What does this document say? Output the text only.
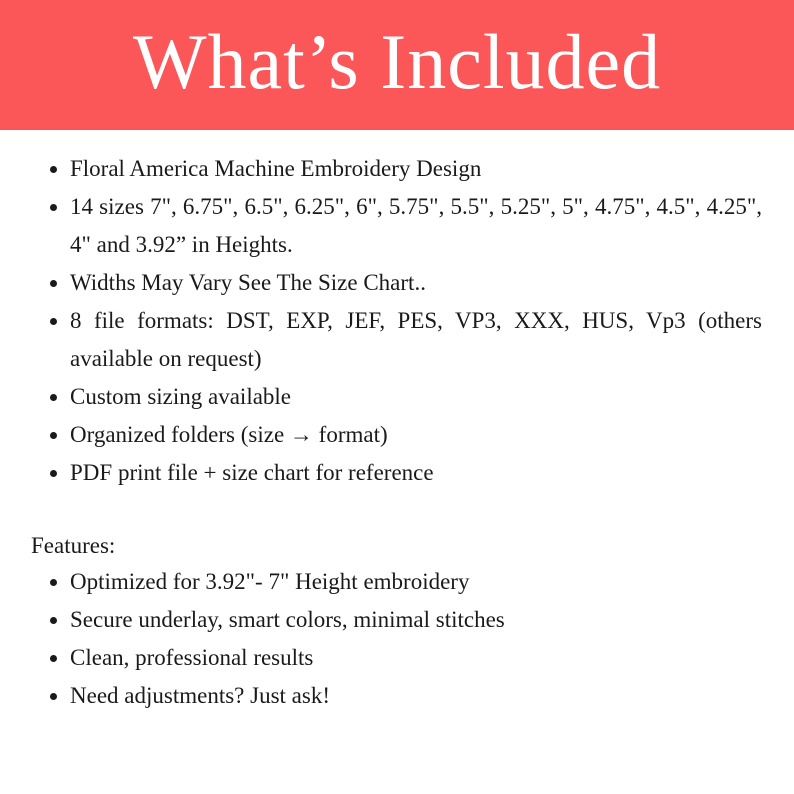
What’s Included
Floral America Machine Embroidery Design
14 sizes 7", 6.75", 6.5", 6.25", 6", 5.75", 5.5", 5.25", 5", 4.75", 4.5", 4.25", 4" and 3.92” in Heights.
Widths May Vary See The Size Chart..
8 file formats: DST, EXP, JEF, PES, VP3, XXX, HUS, Vp3 (others available on request)
Custom sizing available
Organized folders (size → format)
PDF print file + size chart for reference
Features:
Optimized for 3.92"- 7" Height embroidery
Secure underlay, smart colors, minimal stitches
Clean, professional results
Need adjustments? Just ask!
